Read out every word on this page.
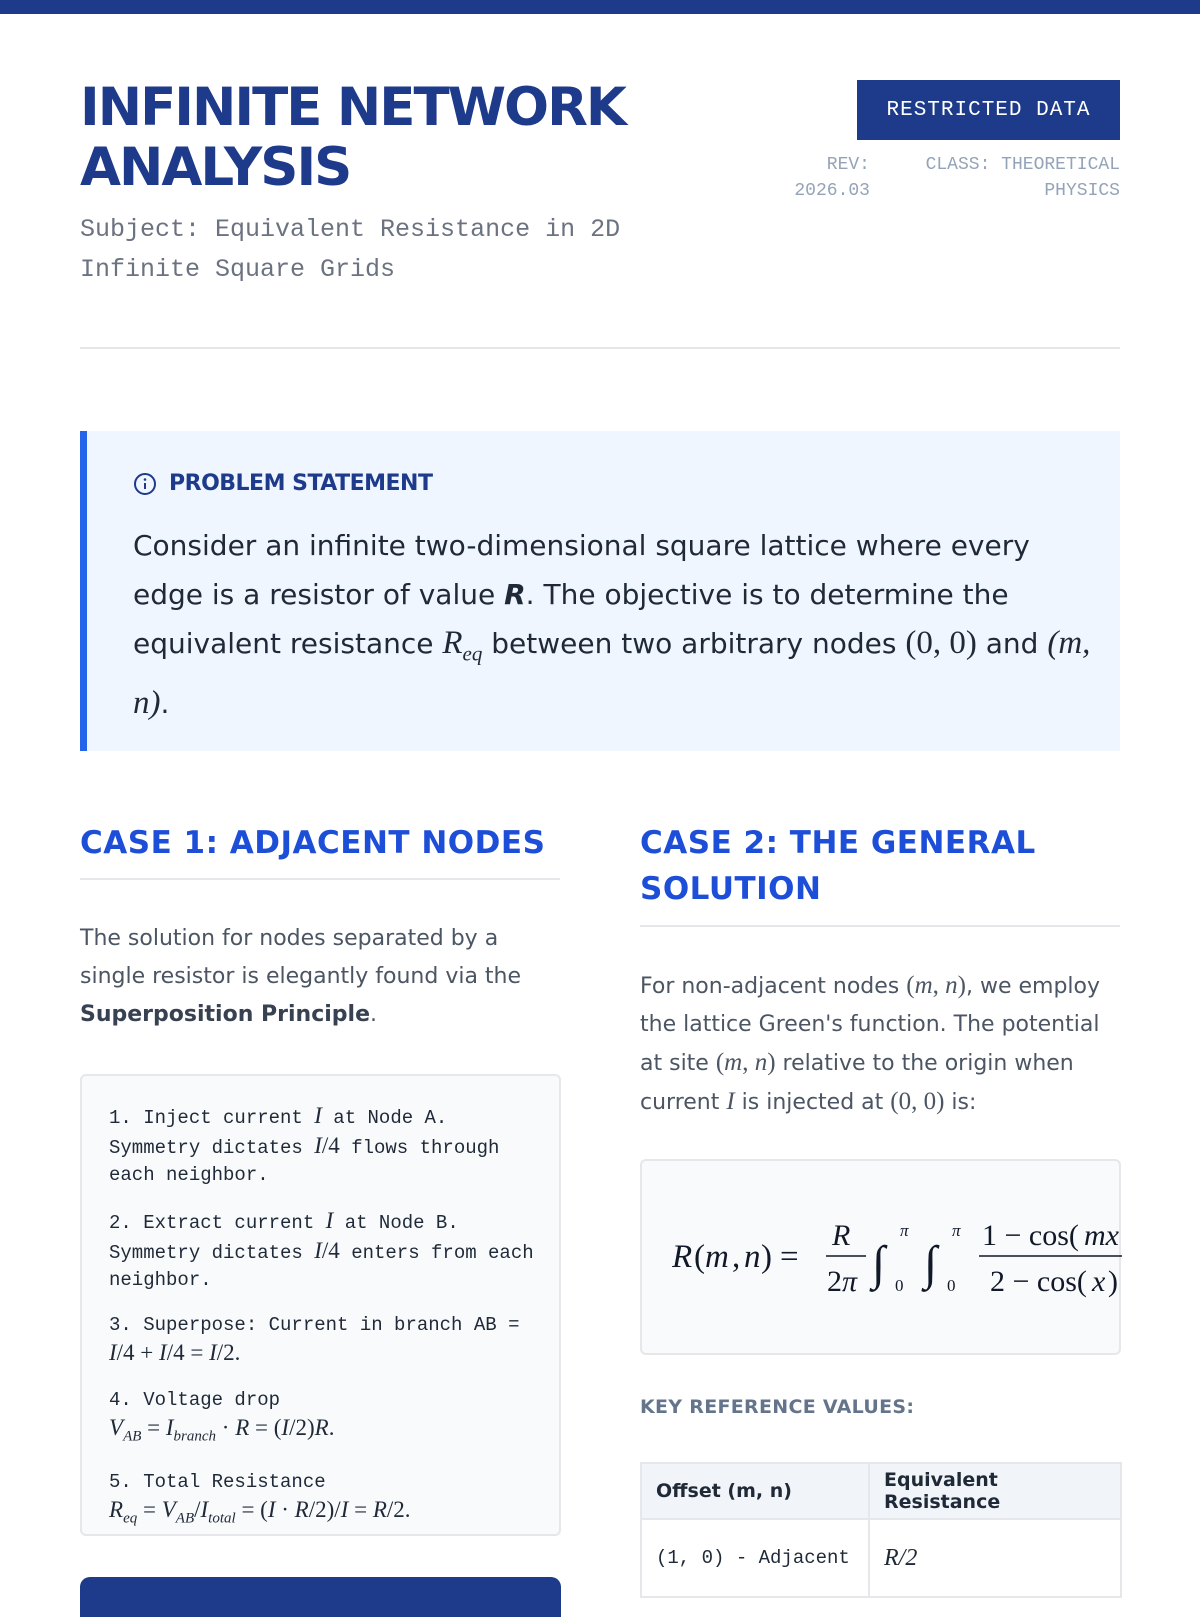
INFINITE NETWORK
ANALYSIS
Subject: Equivalent Resistance in 2D Infinite Square Grids
RESTRICTED DATA
REV:
2026.03
CLASS: THEORETICAL
PHYSICS
PROBLEM STATEMENT
Consider an infinite two-dimensional square lattice where every edge is a resistor of value R. The objective is to determine the equivalent resistance $R_{eq}$ between two arbitrary nodes (0, 0) and (m, n).
CASE 1: ADJACENT NODES

The solution for nodes separated by a single resistor is elegantly found via the Superposition Principle.

1. Inject current I at Node A. Symmetry dictates I/4 flows through each neighbor.
2. Extract current I at Node B. Symmetry dictates I/4 enters from each neighbor.
3. Superpose: Current in branch AB = I/4 + I/4 = I/2.
4. Voltage drop
$V_{AB} = I_{branch} \cdot R = (I/2)R$.
5. Total Resistance
$R_{eq} = V_{AB}/I_{total} = (I \cdot R/2)/I = R/2$.
CASE 2: THE GENERAL SOLUTION

For non-adjacent nodes (m, n), we employ the lattice Green's function. The potential at site (m, n) relative to the origin when current I is injected at (0, 0) is:

R ( m , n ) =
R
2 π ∫
π
0 ∫
π
0
1 − cos( mx
2 − cos( x )
KEY REFERENCE VALUES:
Offset (m, n)	Equivalent Resistance
(1, 0) - Adjacent	R/2
